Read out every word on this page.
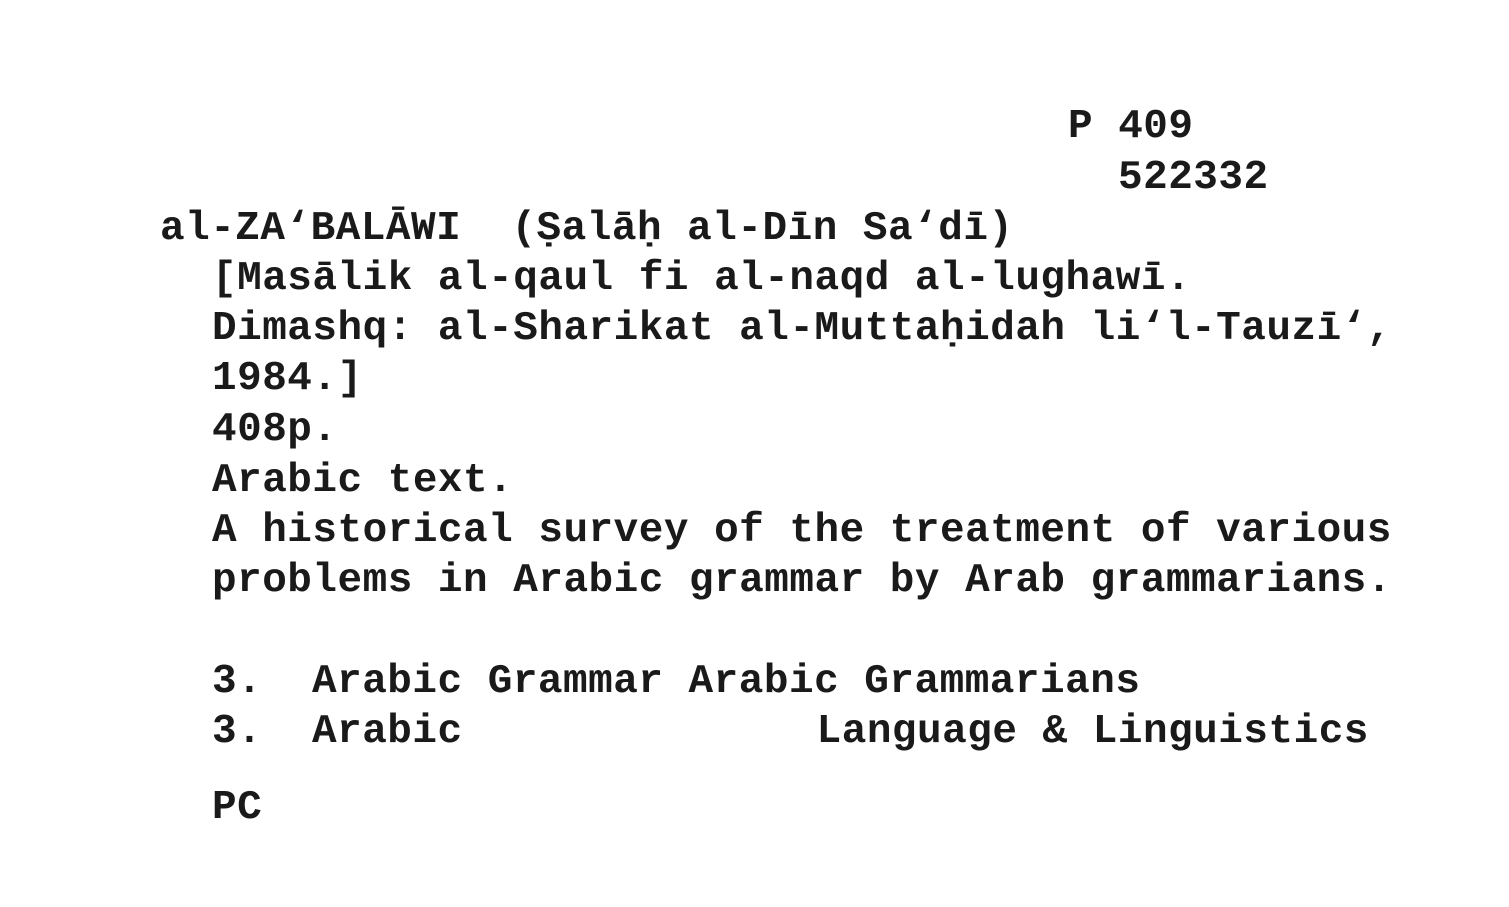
P 409
522332
al-ZA‘BALĀWI  (Ṣalāḥ al-Dīn Sa‘dī)
[Masālik al-qaul fi al-naqd al-lughawī.
Dimashq: al-Sharikat al-Muttaḥidah li‘l-Tauzī‘,
1984.]
408p.
Arabic text.
A historical survey of the treatment of various
problems in Arabic grammar by Arab grammarians.
3. Arabic Grammar Arabic Grammarians
3. Arabic	Language & Linguistics
PC
